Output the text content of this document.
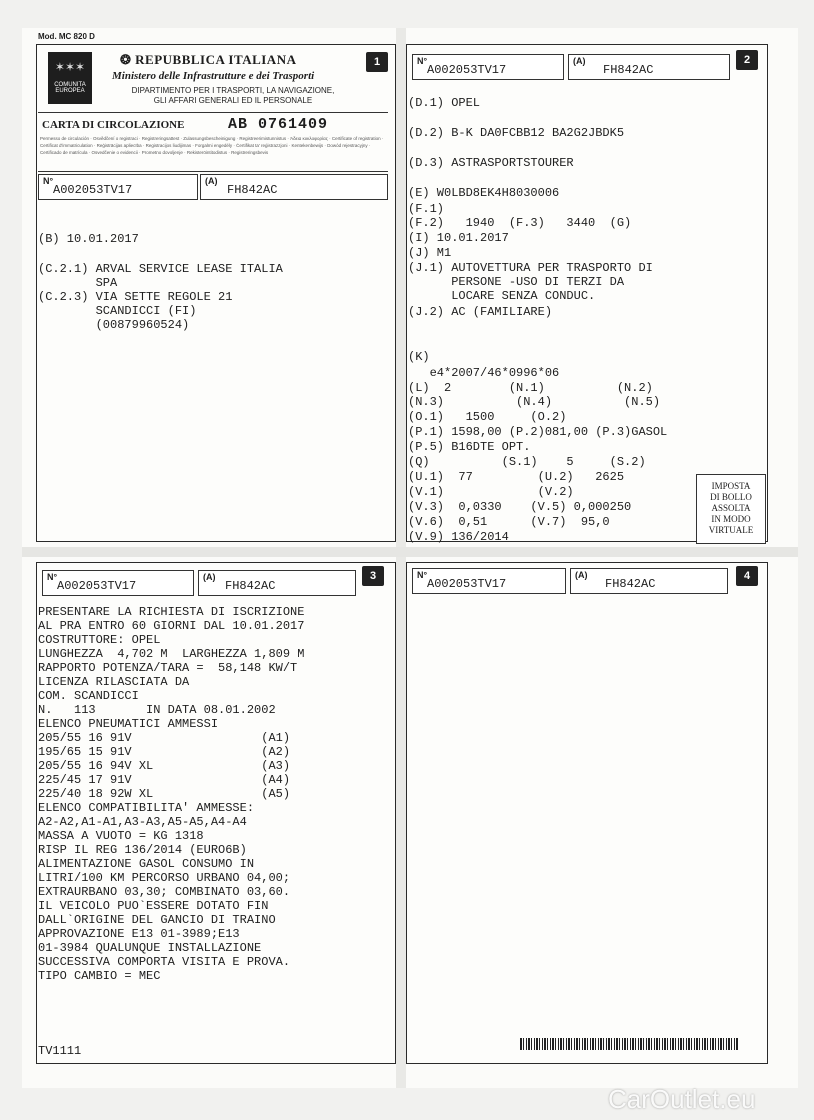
Mod. MC 820 D
1
✶✶✶
COMUNITA EUROPEA
❂ REPUBBLICA ITALIANA
Ministero delle Infrastrutture e dei Trasporti
DIPARTIMENTO PER I TRASPORTI, LA NAVIGAZIONE,
GLI AFFARI GENERALI ED IL PERSONALE
CARTA DI CIRCOLAZIONE	AB 0761409
Permesso de circulación · Osvědčení o registraci · Registreringsattest · Zulassungsbescheinigung · Registreerimistunnistus · Άδεια κυκλοφορίας · Certificate of registration · Certificat d'immatriculation · Reģistrācijas apliecība · Registracijos liudijimas · Forgalmi engedély · Ċertifikat ta' reġistrazzjoni · Kentekenbewijs · Dowód rejestracyjny · Certificado de matrícula · Osvedčenie o evidencii · Prometno dovoljenje · Rekisteröintitodistus · Registreringsbevis
N°
A002053TV17
(A)
FH842AC
(B) 10.01.2017
(C.2.1) ARVAL SERVICE LEASE ITALIA
SPA
(C.2.3) VIA SETTE REGOLE 21
SCANDICCI (FI)
(00879960524)
2
N°
A002053TV17
(A)
FH842AC
(D.1) OPEL
(D.2) B-K DA0FCBB12 BA2G2JBDK5
(D.3) ASTRASPORTSTOURER
(E) W0LBD8EK4H8030006
(F.1)
(F.2)   1940  (F.3)   3440  (G)
(I) 10.01.2017
(J) M1
(J.1) AUTOVETTURA PER TRASPORTO DI
PERSONE -USO DI TERZI DA
LOCARE SENZA CONDUC.
(J.2) AC (FAMILIARE)
(K)
e4*2007/46*0996*06
(L)  2        (N.1)          (N.2)
(N.3)          (N.4)          (N.5)
(O.1)   1500     (O.2)
(P.1) 1598,00 (P.2)081,00 (P.3)GASOL
(P.5) B16DTE OPT.
(Q)          (S.1)    5     (S.2)
(U.1)  77         (U.2)   2625
(V.1)             (V.2)
(V.3)  0,0330    (V.5) 0,000250
(V.6)  0,51      (V.7)  95,0
(V.9) 136/2014
IMPOSTA
DI BOLLO
ASSOLTA
IN MODO
VIRTUALE
3
N°
A002053TV17
(A)
FH842AC
PRESENTARE LA RICHIESTA DI ISCRIZIONE
AL PRA ENTRO 60 GIORNI DAL 10.01.2017
COSTRUTTORE: OPEL
LUNGHEZZA  4,702 M  LARGHEZZA 1,809 M
RAPPORTO POTENZA/TARA =  58,148 KW/T
LICENZA RILASCIATA DA
COM. SCANDICCI
N.   113       IN DATA 08.01.2002
ELENCO PNEUMATICI AMMESSI
205/55 16 91V                  (A1)
195/65 15 91V                  (A2)
205/55 16 94V XL               (A3)
225/45 17 91V                  (A4)
225/40 18 92W XL               (A5)
ELENCO COMPATIBILITA' AMMESSE:
A2-A2,A1-A1,A3-A3,A5-A5,A4-A4
MASSA A VUOTO = KG 1318
RISP IL REG 136/2014 (EURO6B)
ALIMENTAZIONE GASOL CONSUMO IN
LITRI/100 KM PERCORSO URBANO 04,00;
EXTRAURBANO 03,30; COMBINATO 03,60.
IL VEICOLO PUO`ESSERE DOTATO FIN
DALL`ORIGINE DEL GANCIO DI TRAINO
APPROVAZIONE E13 01-3989;E13
01-3984 QUALUNQUE INSTALLAZIONE
SUCCESSIVA COMPORTA VISITA E PROVA.
TIPO CAMBIO = MEC
TV1111
4
N°
A002053TV17
(A)
FH842AC
CarOutlet.eu
